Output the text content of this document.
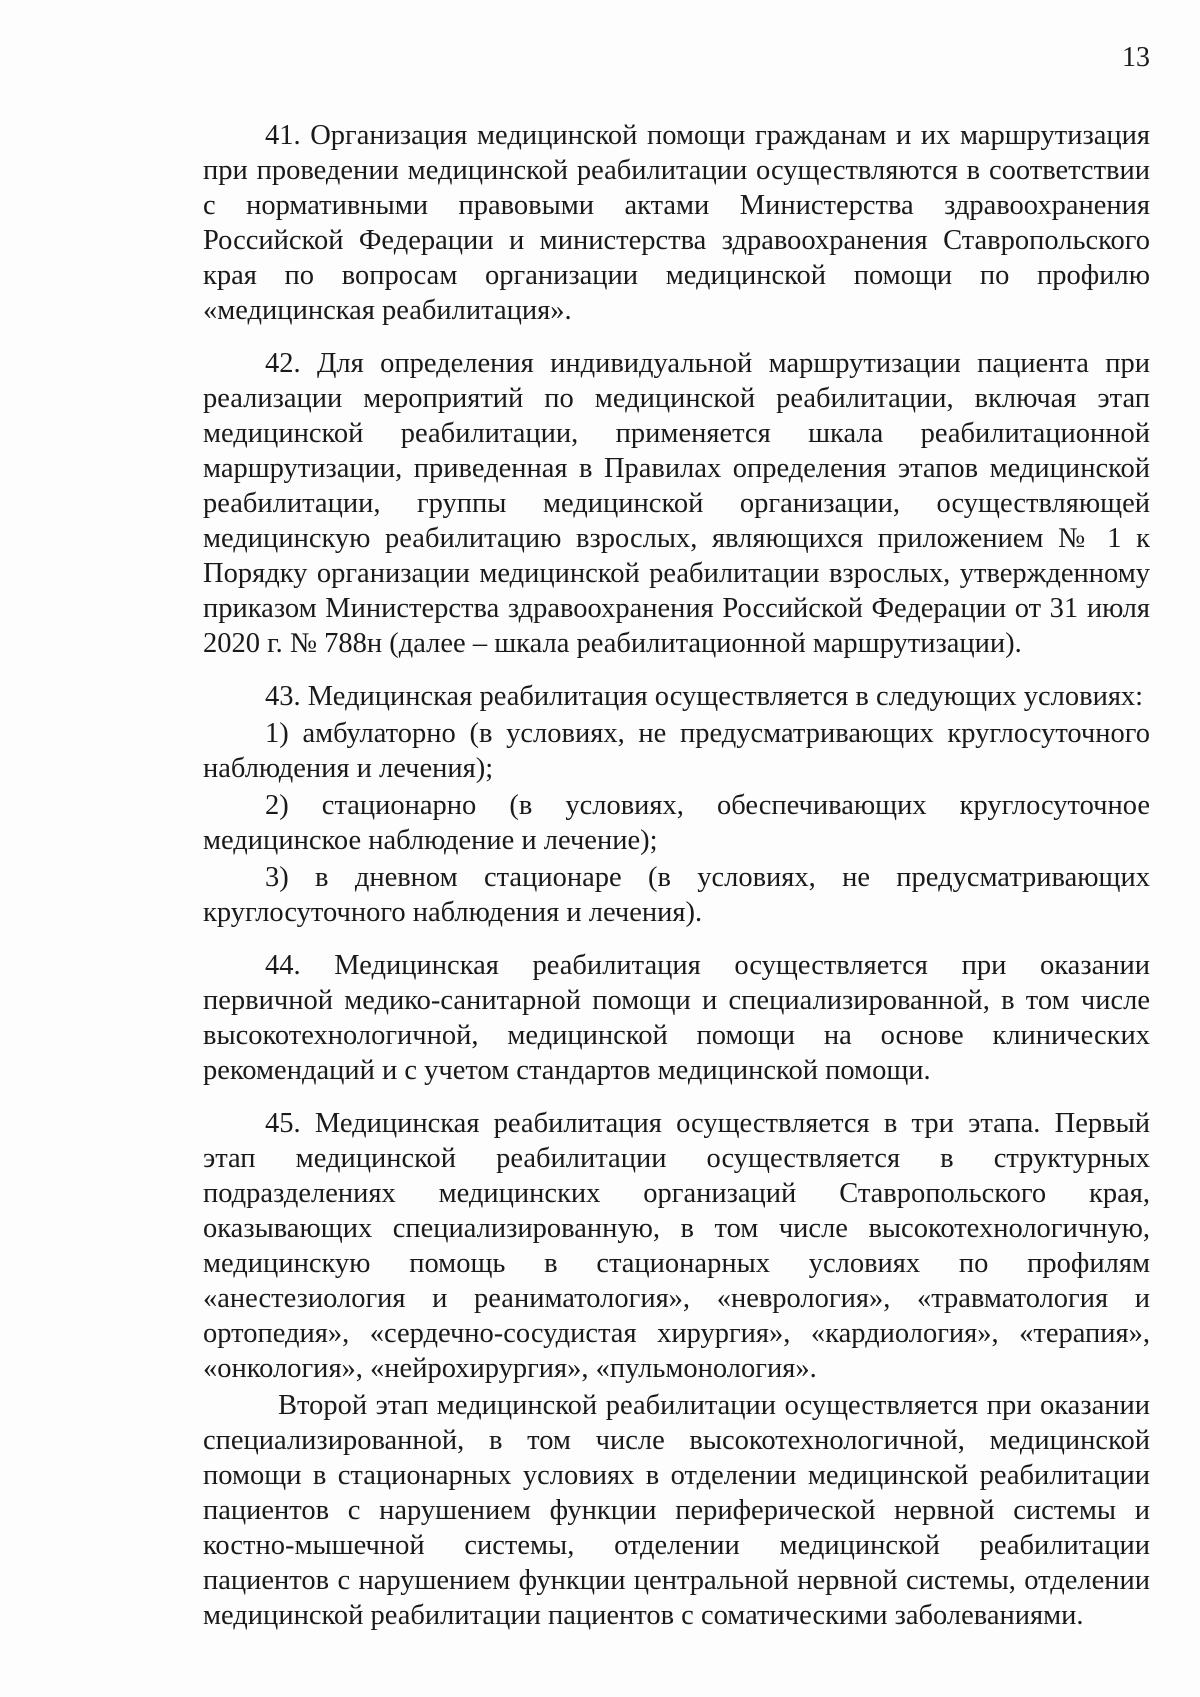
13

41. Организация медицинской помощи гражданам и их маршрутизация при проведении медицинской реабилитации осуществляются в соответствии с нормативными правовыми актами Министерства здравоохранения Российской Федерации и министерства здравоохранения Ставропольского края по вопросам организации медицинской помощи по профилю «медицинская реабилитация».

42. Для определения индивидуальной маршрутизации пациента при реализации мероприятий по медицинской реабилитации, включая этап медицинской реабилитации, применяется шкала реабилитационной маршрутизации, приведенная в Правилах определения этапов медицинской реабилитации, группы медицинской организации, осуществляющей медицинскую реабилитацию взрослых, являющихся приложением № 1 к Порядку организации медицинской реабилитации взрослых, утвержденному приказом Министерства здравоохранения Российской Федерации от 31 июля 2020 г. № 788н (далее – шкала реабилитационной маршрутизации).

43. Медицинская реабилитация осуществляется в следующих условиях:

1) амбулаторно (в условиях, не предусматривающих круглосуточного наблюдения и лечения);

2) стационарно (в условиях, обеспечивающих круглосуточное медицинское наблюдение и лечение);

3) в дневном стационаре (в условиях, не предусматривающих круглосуточного наблюдения и лечения).

44. Медицинская реабилитация осуществляется при оказании первичной медико-санитарной помощи и специализированной, в том числе высокотехнологичной, медицинской помощи на основе клинических рекомендаций и с учетом стандартов медицинской помощи.

45. Медицинская реабилитация осуществляется в три этапа. Первый этап медицинской реабилитации осуществляется в структурных подразделениях медицинских организаций Ставропольского края, оказывающих специализированную, в том числе высокотехнологичную, медицинскую помощь в стационарных условиях по профилям «анестезиология и реаниматология», «неврология», «травматология и ортопедия», «сердечно-сосудистая хирургия», «кардиология», «терапия», «онкология», «нейрохирургия», «пульмонология».

Второй этап медицинской реабилитации осуществляется при оказании специализированной, в том числе высокотехнологичной, медицинской помощи в стационарных условиях в отделении медицинской реабилитации пациентов с нарушением функции периферической нервной системы и костно-мышечной системы, отделении медицинской реабилитации пациентов с нарушением функции центральной нервной системы, отделении медицинской реабилитации пациентов с соматическими заболеваниями.
